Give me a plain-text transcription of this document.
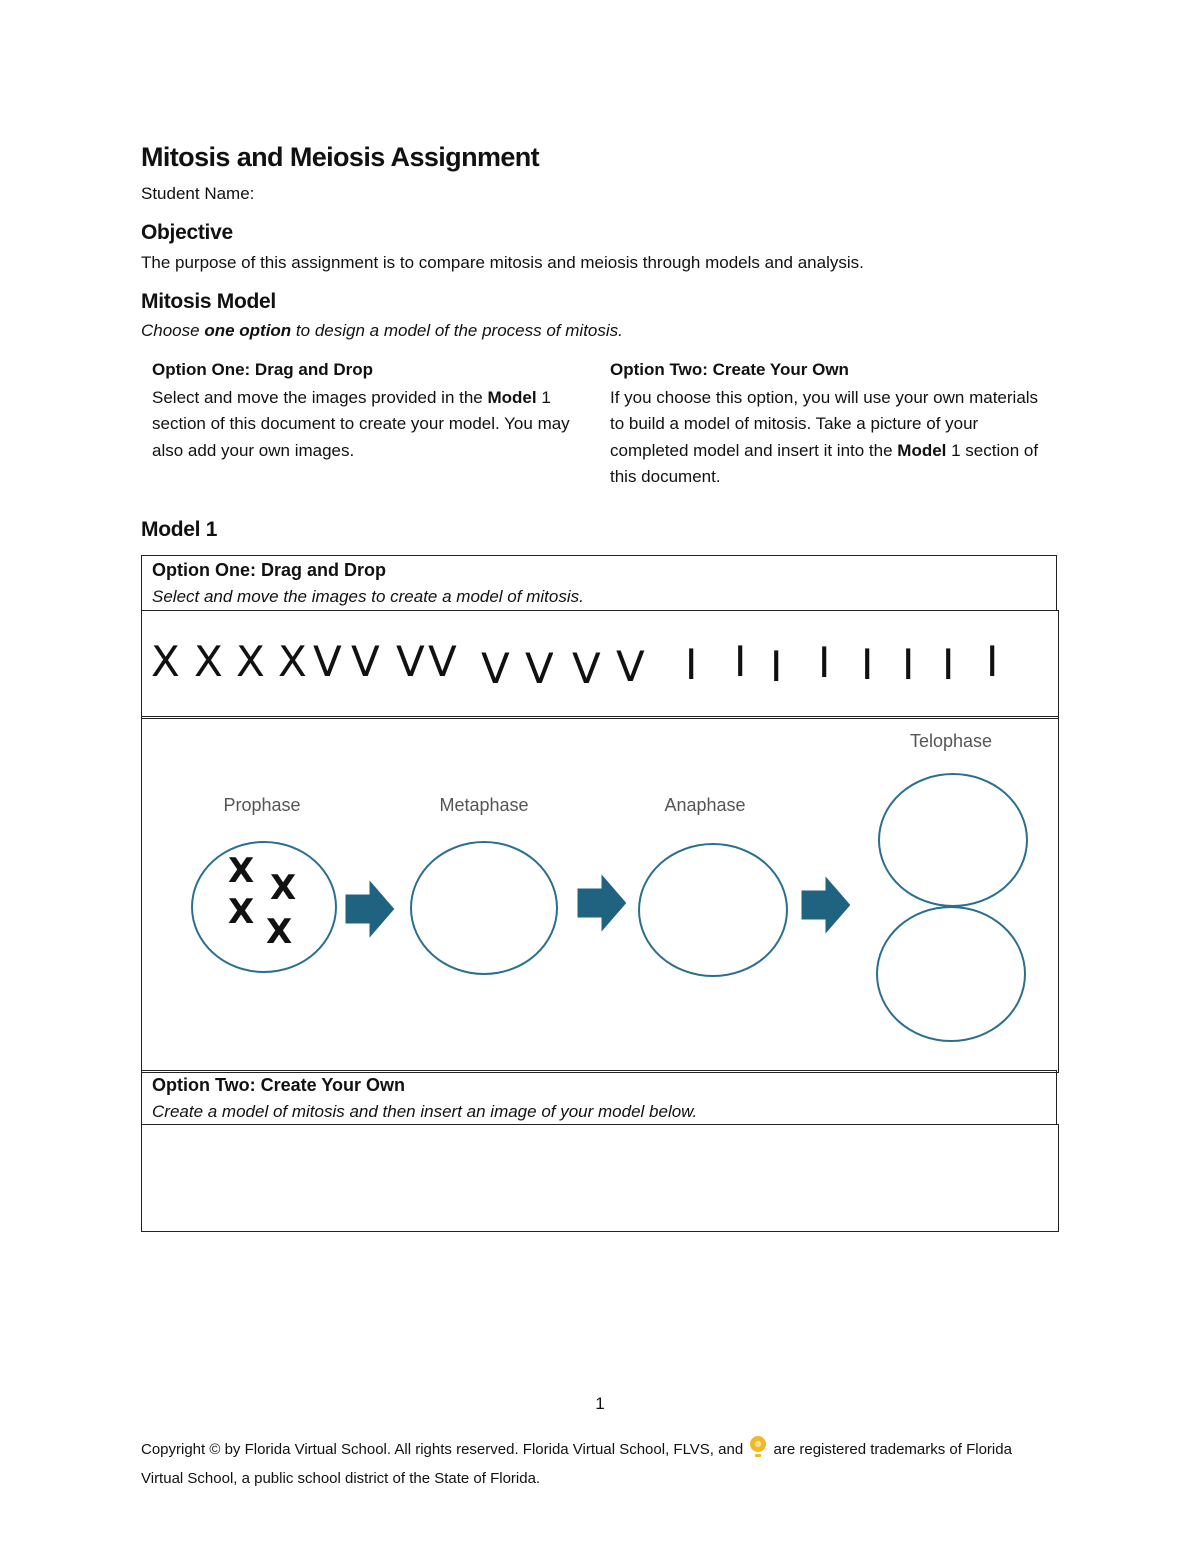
Mitosis and Meiosis Assignment
Student Name:
Objective
The purpose of this assignment is to compare mitosis and meiosis through models and analysis.
Mitosis Model
Choose one option to design a model of the process of mitosis.
Option One: Drag and Drop
Select and move the images provided in the Model 1 section of this document to create your model. You may also add your own images.
Option Two: Create Your Own
If you choose this option, you will use your own materials to build a model of mitosis. Take a picture of your completed model and insert it into the Model 1 section of this document.
Model 1
Option One: Drag and Drop
Select and move the images to create a model of mitosis.
X X X X V V V V V V V V I I I I I I I I
Prophase	Metaphase	Anaphase
Telophase
X X
X X
Option Two: Create Your Own
Create a model of mitosis and then insert an image of your model below.
1
Copyright © by Florida Virtual School. All rights reserved. Florida Virtual School, FLVS, and  are registered trademarks of Florida Virtual School, a public school district of the State of Florida.
